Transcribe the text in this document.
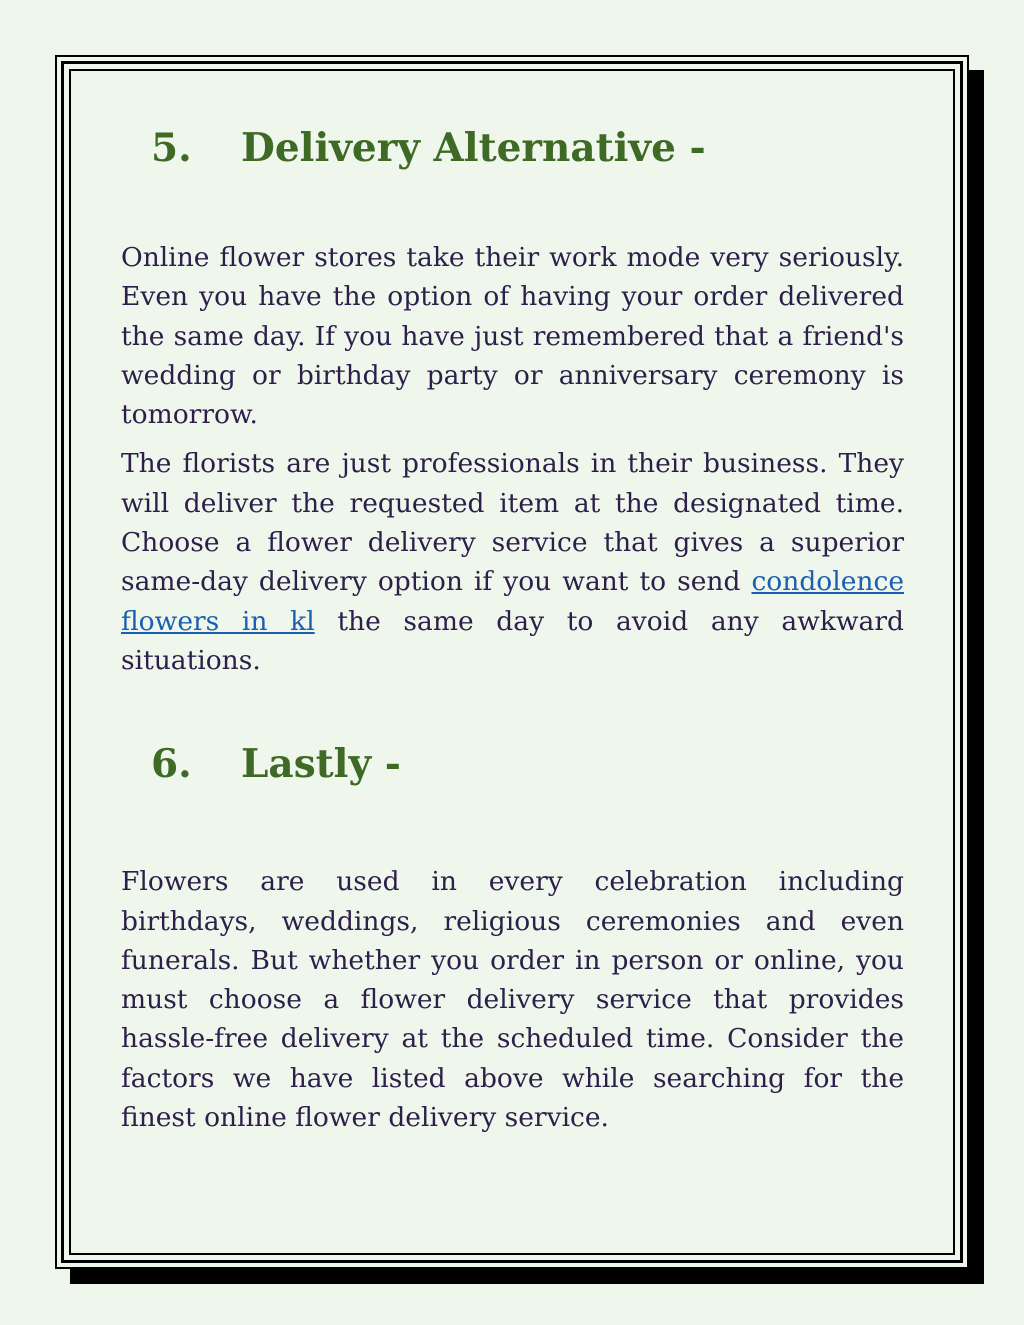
5. Delivery Alternative -

Online flower stores take their work mode very seriously. Even you have the option of having your order delivered the same day. If you have just remembered that a friend's wedding or birthday party or anniversary ceremony is tomorrow.

The florists are just professionals in their business. They will deliver the requested item at the designated time. Choose a flower delivery service that gives a superior same-day delivery option if you want to send condolence flowers in kl the same day to avoid any awkward situations.

6. Lastly -

Flowers are used in every celebration including birthdays, weddings, religious ceremonies and even funerals. But whether you order in person or online, you must choose a flower delivery service that provides hassle-free delivery at the scheduled time. Consider the factors we have listed above while searching for the finest online flower delivery service.
